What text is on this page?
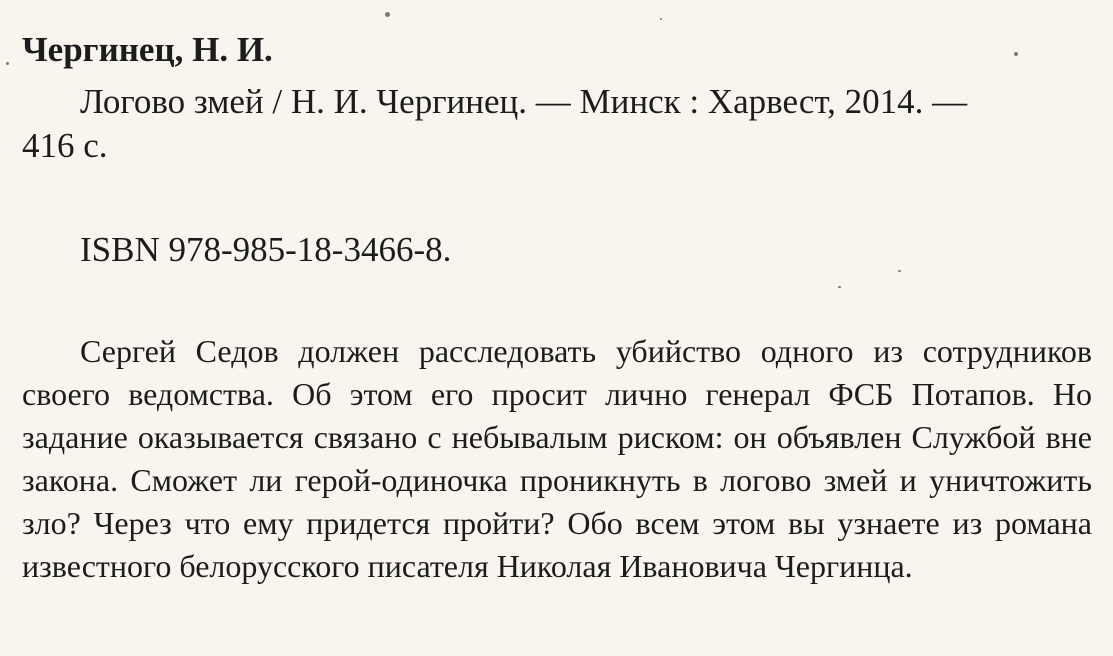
Чергинец, Н. И.
Логово змей / Н. И. Чергинец. — Минск : Харвест, 2014. —
416 с.
ISBN 978-985-18-3466-8.

Сергей Седов должен расследовать убийство одного из сотрудников своего ведомства. Об этом его просит лично генерал ФСБ Потапов. Но задание оказывается связано с небывалым риском: он объявлен Службой вне закона. Сможет ли герой-одиночка проникнуть в логово змей и уничтожить зло? Через что ему придется пройти? Обо всем этом вы узнаете из романа известного белорусского писателя Николая Ивановича Чергинца.
